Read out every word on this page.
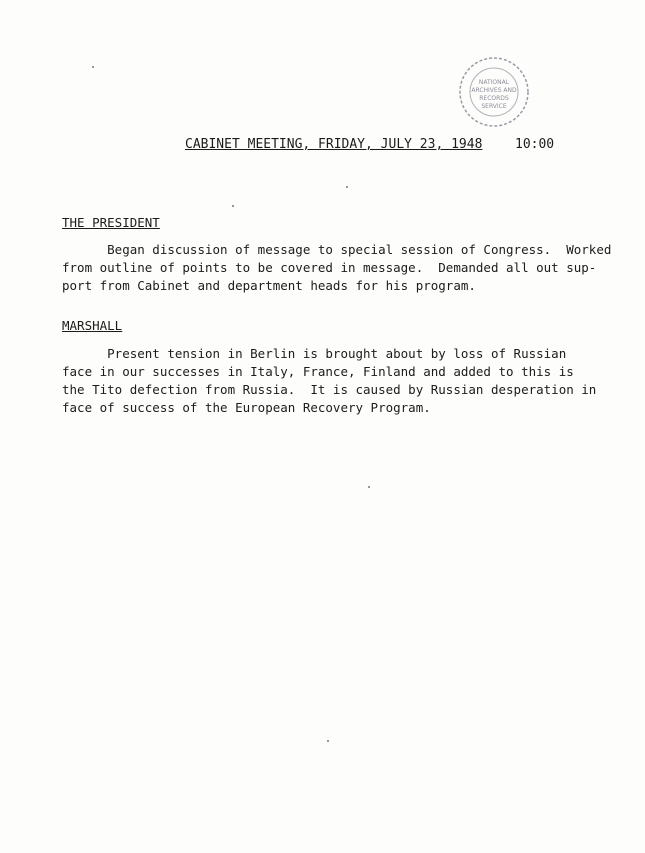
NATIONAL
ARCHIVES AND
RECORDS
SERVICE
CABINET MEETING, FRIDAY, JULY 23, 1948	10:00
THE PRESIDENT
Began discussion of message to special session of Congress.  Worked
from outline of points to be covered in message.  Demanded all out sup-
port from Cabinet and department heads for his program.
MARSHALL
Present tension in Berlin is brought about by loss of Russian
face in our successes in Italy, France, Finland and added to this is
the Tito defection from Russia.  It is caused by Russian desperation in
face of success of the European Recovery Program.
